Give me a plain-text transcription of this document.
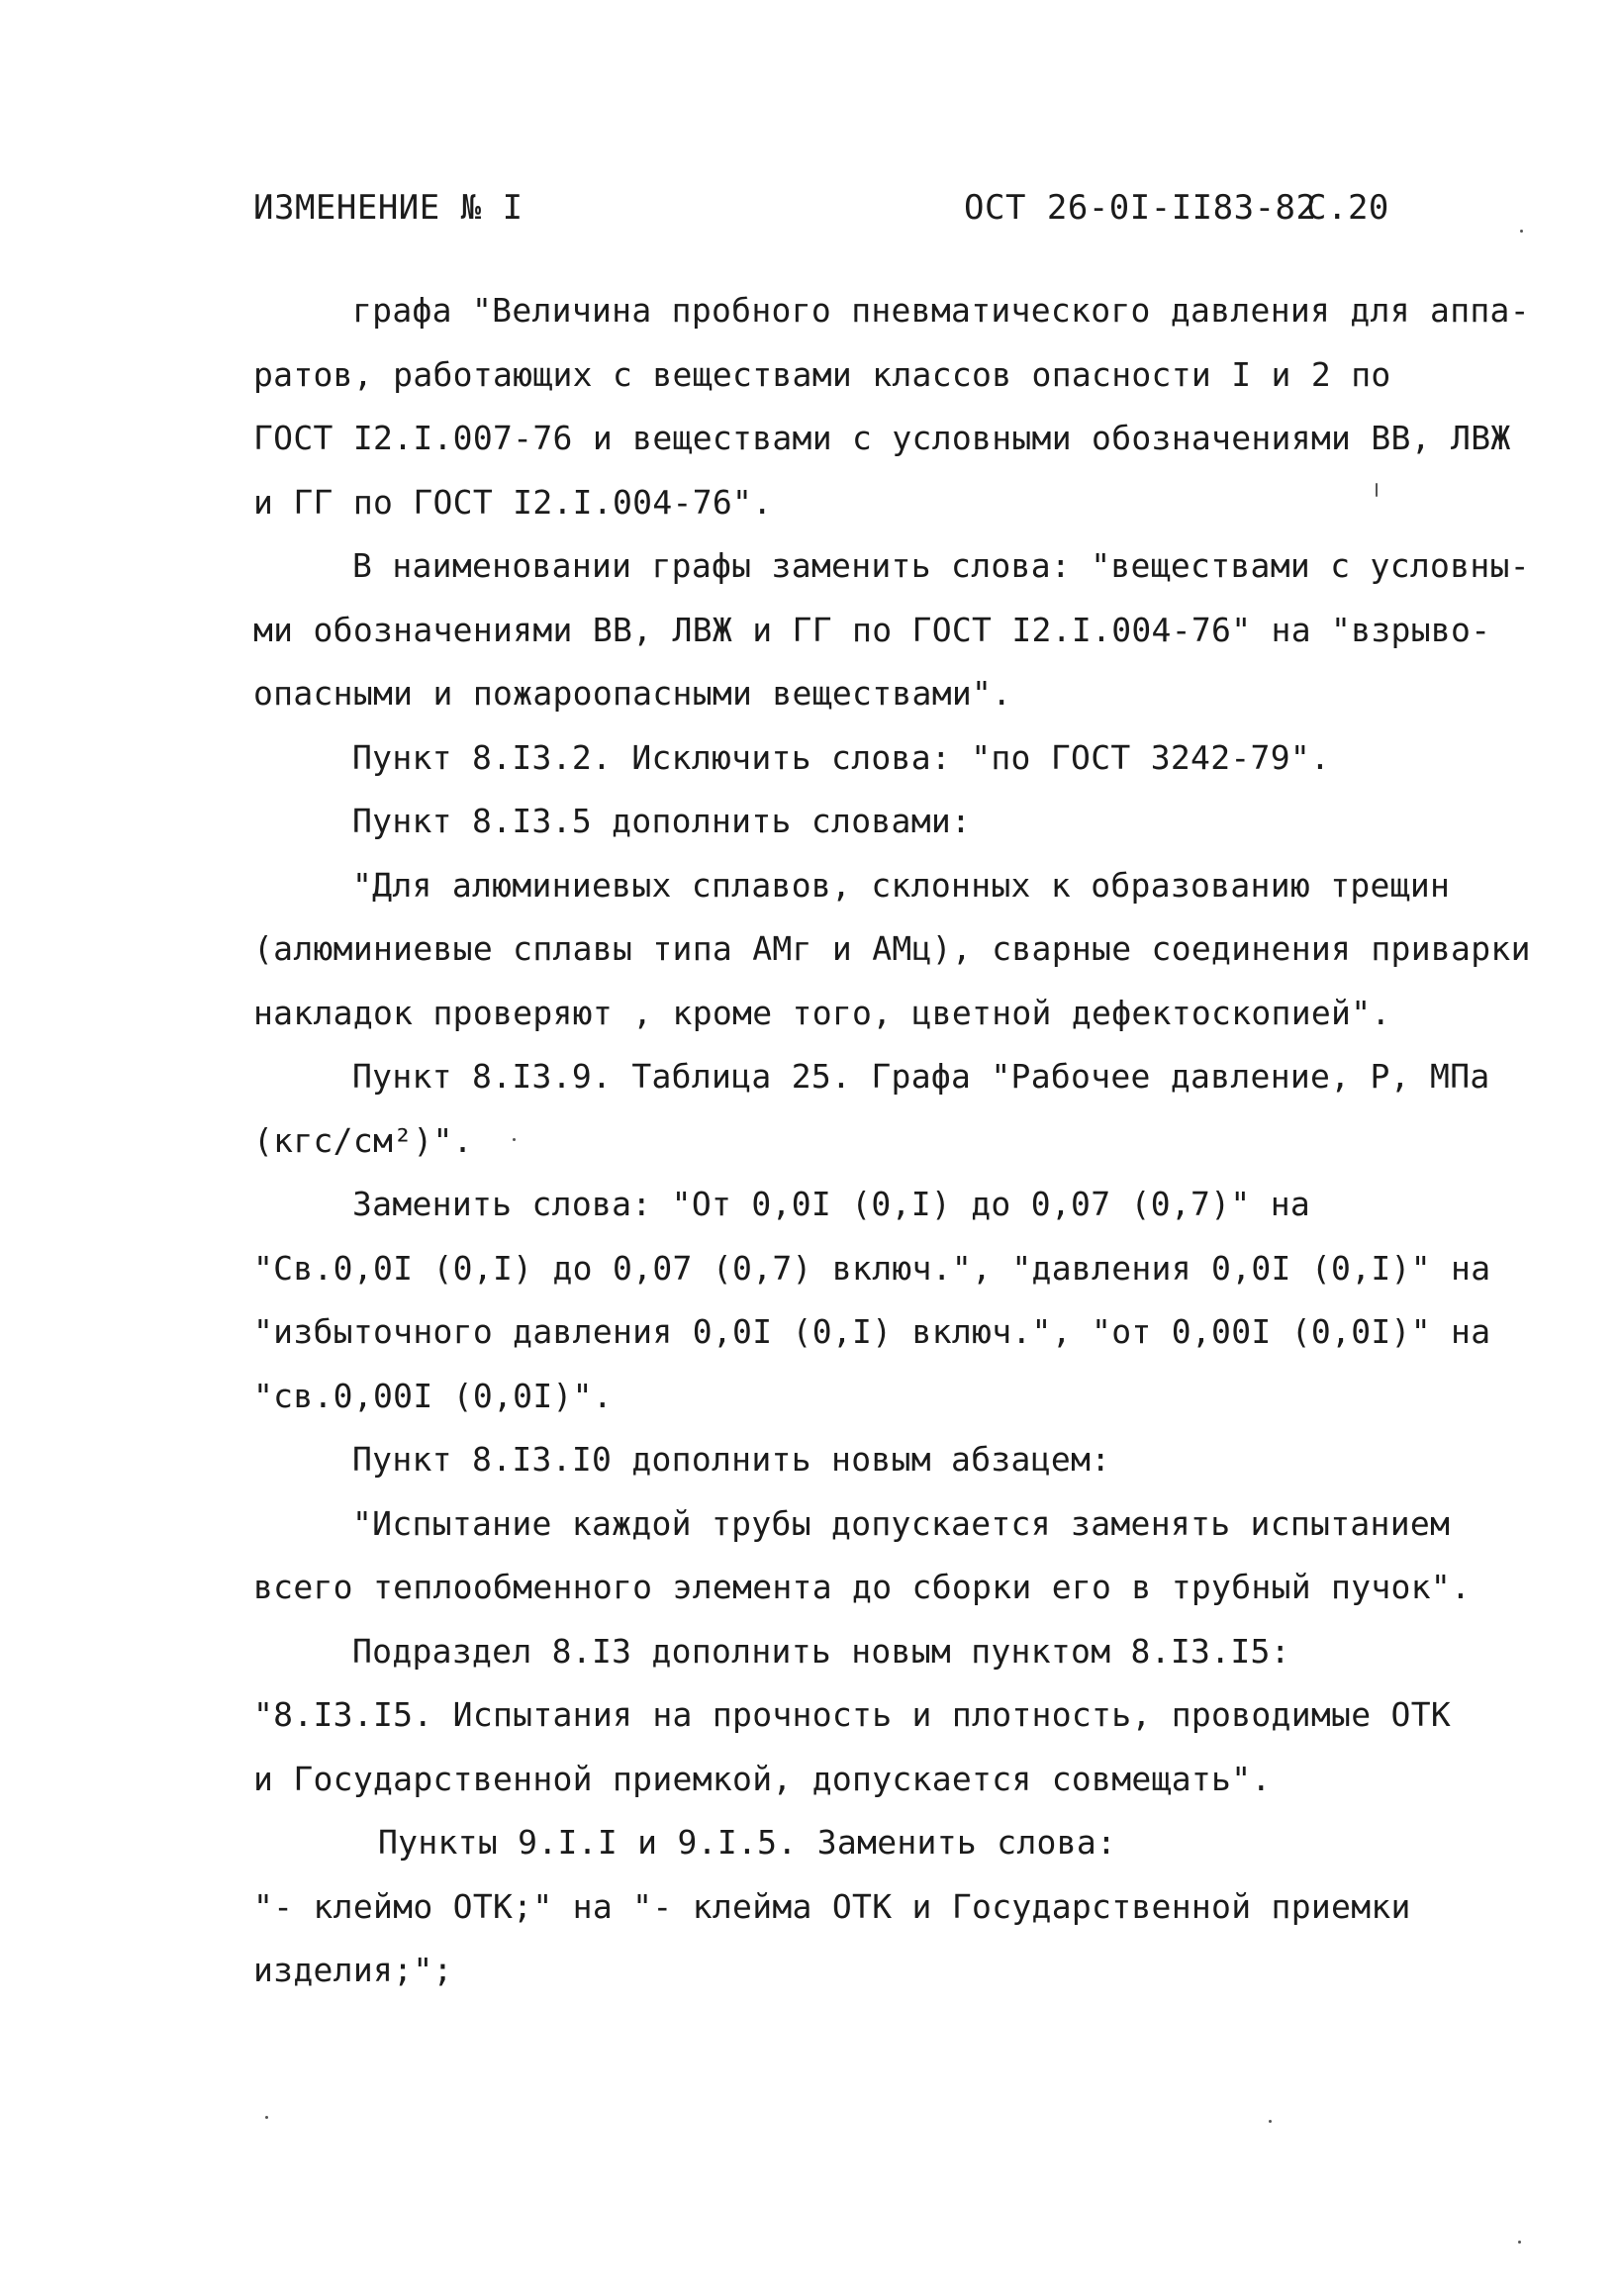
ИЗМЕНЕНИЕ № I	ОСТ 26-0I-II83-82
С.20
графа "Величина пробного пневматического давления для аппа-
ратов, работающих с веществами классов опасности I и 2 по
ГОСТ I2.I.007-76 и веществами с условными обозначениями ВВ, ЛВЖ
и ГГ по ГОСТ I2.I.004-76".
В наименовании графы заменить слова: "веществами с условны-
ми обозначениями ВВ, ЛВЖ и ГГ по ГОСТ I2.I.004-76" на "взрыво-
опасными и пожароопасными веществами".
Пункт 8.I3.2. Исключить слова: "по ГОСТ 3242-79".
Пункт 8.I3.5 дополнить словами:
"Для алюминиевых сплавов, склонных к образованию трещин
(алюминиевые сплавы типа АМг и АМц), сварные соединения приварки
накладок проверяют , кроме того, цветной дефектоскопией".
Пункт 8.I3.9. Таблица 25. Графа "Рабочее давление, Р, МПа
(кгс/см²)".
Заменить слова: "От 0,0I (0,I) до 0,07 (0,7)" на
"Св.0,0I (0,I) до 0,07 (0,7) включ.", "давления 0,0I (0,I)" на
"избыточного давления 0,0I (0,I) включ.", "от 0,00I (0,0I)" на
"св.0,00I (0,0I)".
Пункт 8.I3.I0 дополнить новым абзацем:
"Испытание каждой трубы допускается заменять испытанием
всего теплообменного элемента до сборки его в трубный пучок".
Подраздел 8.I3 дополнить новым пунктом 8.I3.I5:
"8.I3.I5. Испытания на прочность и плотность, проводимые ОТК
и Государственной приемкой, допускается совмещать".
Пункты 9.I.I и 9.I.5. Заменить слова:
"- клеймо ОТК;" на "- клейма ОТК и Государственной приемки
изделия;";
